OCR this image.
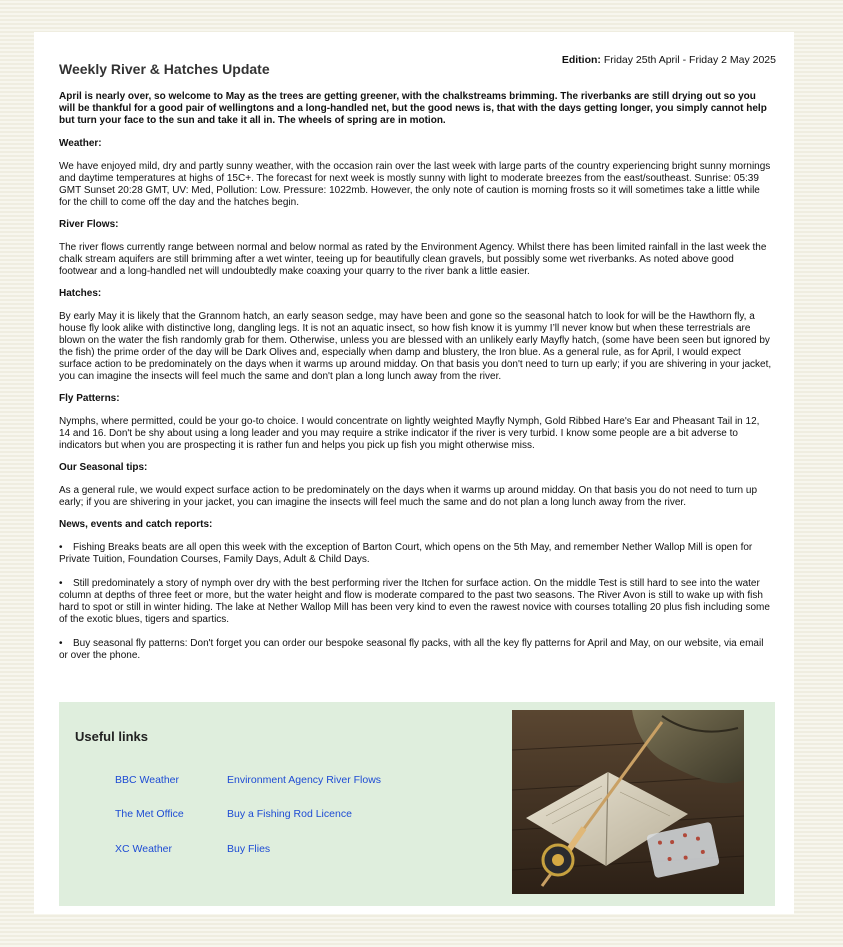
Edition: Friday 25th April - Friday 2 May 2025
Weekly River & Hatches Update

April is nearly over, so welcome to May as the trees are getting greener, with the chalkstreams brimming. The riverbanks are still drying out so you will be thankful for a good pair of wellingtons and a long-handled net, but the good news is, that with the days getting longer, you simply cannot help but turn your face to the sun and take it all in. The wheels of spring are in motion.

Weather:

We have enjoyed mild, dry and partly sunny weather, with the occasion rain over the last week with large parts of the country experiencing bright sunny mornings and daytime temperatures at highs of 15C+. The forecast for next week is mostly sunny with light to moderate breezes from the east/southeast. Sunrise: 05:39 GMT Sunset 20:28 GMT, UV: Med, Pollution: Low. Pressure: 1022mb. However, the only note of caution is morning frosts so it will sometimes take a little while for the chill to come off the day and the hatches begin.

River Flows:

The river flows currently range between normal and below normal as rated by the Environment Agency. Whilst there has been limited rainfall in the last week the chalk stream aquifers are still brimming after a wet winter, teeing up for beautifully clean gravels, but possibly some wet riverbanks. As noted above good footwear and a long-handled net will undoubtedly make coaxing your quarry to the river bank a little easier.

Hatches:

By early May it is likely that the Grannom hatch, an early season sedge, may have been and gone so the seasonal hatch to look for will be the Hawthorn fly, a house fly look alike with distinctive long, dangling legs. It is not an aquatic insect, so how fish know it is yummy I’ll never know but when these terrestrials are blown on the water the fish randomly grab for them. Otherwise, unless you are blessed with an unlikely early Mayfly hatch, (some have been seen but ignored by the fish) the prime order of the day will be Dark Olives and, especially when damp and blustery, the Iron blue. As a general rule, as for April, I would expect surface action to be predominately on the days when it warms up around midday. On that basis you don't need to turn up early; if you are shivering in your jacket, you can imagine the insects will feel much the same and don't plan a long lunch away from the river.

Fly Patterns:

Nymphs, where permitted, could be your go-to choice. I would concentrate on lightly weighted Mayfly Nymph, Gold Ribbed Hare's Ear and Pheasant Tail in 12, 14 and 16. Don't be shy about using a long leader and you may require a strike indicator if the river is very turbid. I know some people are a bit adverse to indicators but when you are prospecting it is rather fun and helps you pick up fish you might otherwise miss.

Our Seasonal tips:

As a general rule, we would expect surface action to be predominately on the days when it warms up around midday. On that basis you do not need to turn up early; if you are shivering in your jacket, you can imagine the insects will feel much the same and do not plan a long lunch away from the river.

News, events and catch reports:

• Fishing Breaks beats are all open this week with the exception of Barton Court, which opens on the 5th May, and remember Nether Wallop Mill is open for Private Tuition, Foundation Courses, Family Days, Adult & Child Days.

• Still predominately a story of nymph over dry with the best performing river the Itchen for surface action. On the middle Test is still hard to see into the water column at depths of three feet or more, but the water height and flow is moderate compared to the past two seasons. The River Avon is still to wake up with fish hard to spot or still in winter hiding. The lake at Nether Wallop Mill has been very kind to even the rawest novice with courses totalling 20 plus fish including some of the exotic blues, tigers and spartics.

• Buy seasonal fly patterns: Don't forget you can order our bespoke seasonal fly packs, with all the key fly patterns for April and May, on our website, via email or over the phone.

Useful links
BBC Weather	Environment Agency River Flows
The Met Office	Buy a Fishing Rod Licence
XC Weather	Buy Flies
